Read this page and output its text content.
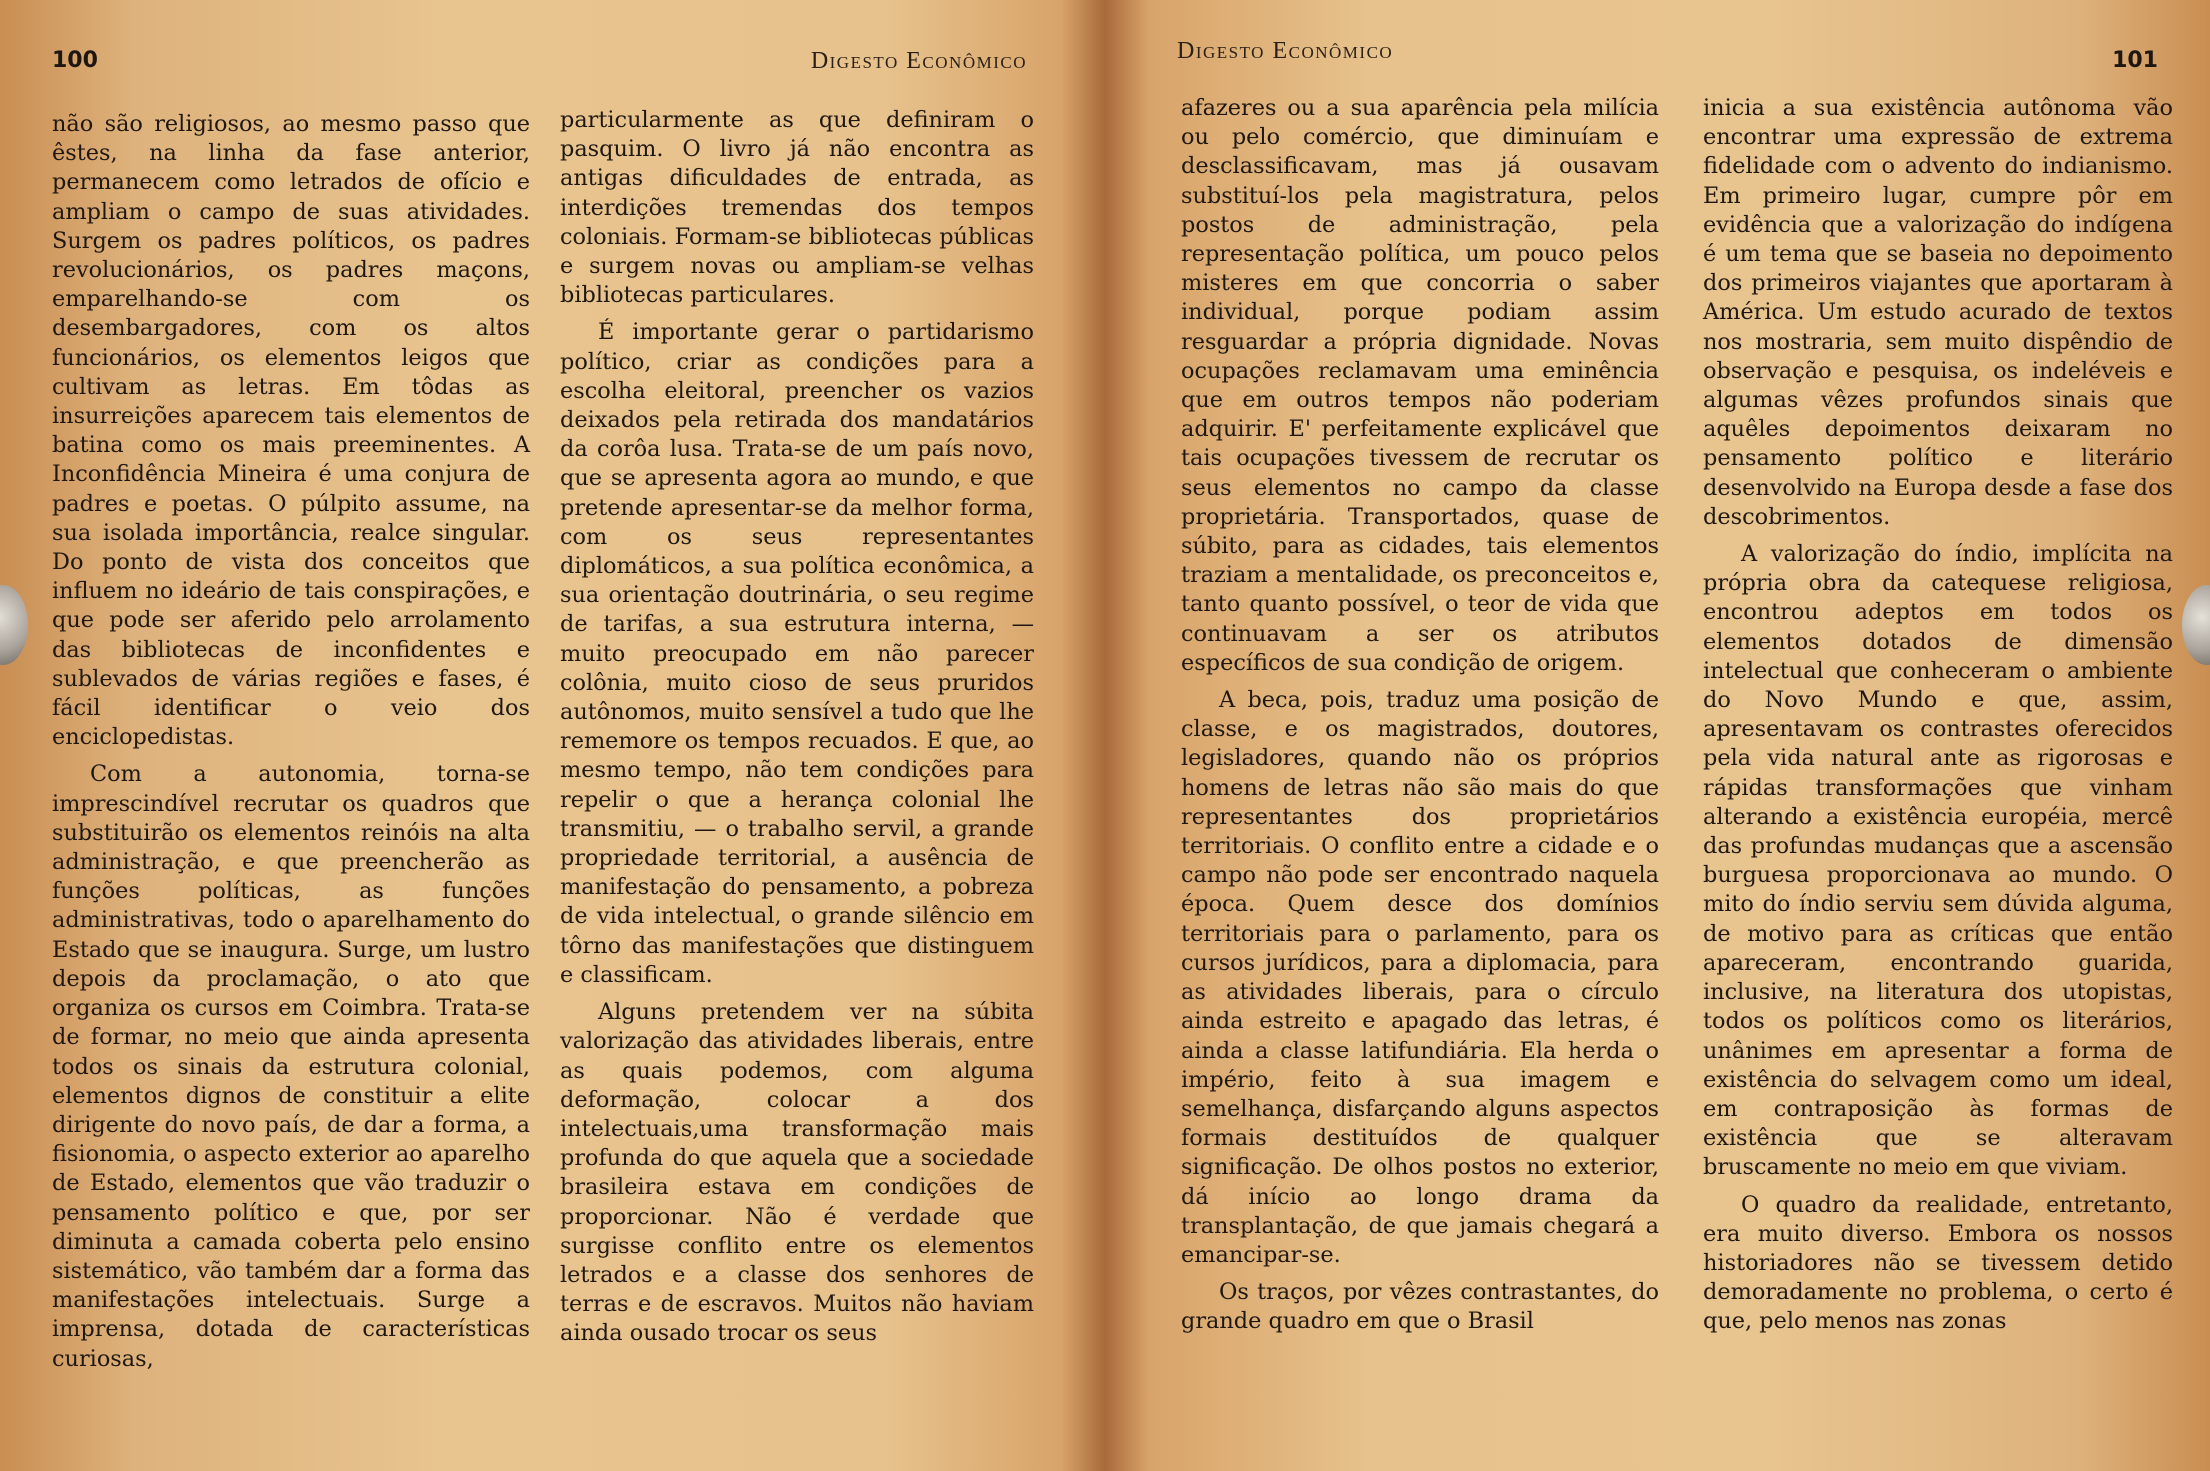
100	Digesto Econômico

não são religiosos, ao mesmo passo que êstes, na linha da fase anterior, permanecem como letrados de ofício e ampliam o campo de suas atividades. Surgem os padres políticos, os padres revolucionários, os padres maçons, emparelhando-se com os desembargadores, com os altos funcionários, os elementos leigos que cultivam as letras. Em tôdas as insurreições aparecem tais elementos de batina como os mais preeminentes. A Inconfidência Mineira é uma conjura de padres e poetas. O púlpito assume, na sua isolada importância, realce singular. Do ponto de vista dos conceitos que influem no ideário de tais conspirações, e que pode ser aferido pelo arrolamento das bibliotecas de inconfidentes e sublevados de várias regiões e fases, é fácil identificar o veio dos enciclopedistas.

Com a autonomia, torna-se imprescindível recrutar os quadros que substituirão os elementos reinóis na alta administração, e que preencherão as funções políticas, as funções administrativas, todo o aparelhamento do Estado que se inaugura. Surge, um lustro depois da proclamação, o ato que organiza os cursos em Coimbra. Trata-se de formar, no meio que ainda apresenta todos os sinais da estrutura colonial, elementos dignos de constituir a elite dirigente do novo país, de dar a forma, a fisionomia, o aspecto exterior ao aparelho de Estado, elementos que vão traduzir o pensamento político e que, por ser diminuta a camada coberta pelo ensino sistemático, vão também dar a forma das manifestações intelectuais. Surge a imprensa, dotada de características curiosas,

particularmente as que definiram o pasquim. O livro já não encontra as antigas dificuldades de entrada, as interdições tremendas dos tempos coloniais. Formam-se bibliotecas públicas e surgem novas ou ampliam-se velhas bibliotecas particulares.

É importante gerar o partidarismo político, criar as condições para a escolha eleitoral, preencher os vazios deixados pela retirada dos mandatários da corôa lusa. Trata-se de um país novo, que se apresenta agora ao mundo, e que pretende apresentar-se da melhor forma, com os seus representantes diplomáticos, a sua política econômica, a sua orientação doutrinária, o seu regime de tarifas, a sua estrutura interna, — muito preocupado em não parecer colônia, muito cioso de seus pruridos autônomos, muito sensível a tudo que lhe rememore os tempos recuados. E que, ao mesmo tempo, não tem condições para repelir o que a herança colonial lhe transmitiu, — o trabalho servil, a grande propriedade territorial, a ausência de manifestação do pensamento, a pobreza de vida intelectual, o grande silêncio em tôrno das manifestações que distinguem e classificam.

Alguns pretendem ver na súbita valorização das atividades liberais, entre as quais podemos, com alguma deformação, colocar a dos intelectuais,uma transformação mais profunda do que aquela que a sociedade brasileira estava em condições de proporcionar. Não é verdade que surgisse conflito entre os elementos letrados e a classe dos senhores de terras e de escravos. Muitos não haviam ainda ousado trocar os seus

Digesto Econômico	101

afazeres ou a sua aparência pela milícia ou pelo comércio, que diminuíam e desclassificavam, mas já ousavam substituí-los pela magistratura, pelos postos de administração, pela representação política, um pouco pelos misteres em que concorria o saber individual, porque podiam assim resguardar a própria dignidade. Novas ocupações reclamavam uma eminência que em outros tempos não poderiam adquirir. E' perfeitamente explicável que tais ocupações tivessem de recrutar os seus elementos no campo da classe proprietária. Transportados, quase de súbito, para as cidades, tais elementos traziam a mentalidade, os preconceitos e, tanto quanto possível, o teor de vida que continuavam a ser os atributos específicos de sua condição de origem.

A beca, pois, traduz uma posição de classe, e os magistrados, doutores, legisladores, quando não os próprios homens de letras não são mais do que representantes dos proprietários territoriais. O conflito entre a cidade e o campo não pode ser encontrado naquela época. Quem desce dos domínios territoriais para o parlamento, para os cursos jurídicos, para a diplomacia, para as atividades liberais, para o círculo ainda estreito e apagado das letras, é ainda a classe latifundiária. Ela herda o império, feito à sua imagem e semelhança, disfarçando alguns aspectos formais destituídos de qualquer significação. De olhos postos no exterior, dá início ao longo drama da transplantação, de que jamais chegará a emancipar-se.

Os traços, por vêzes contrastantes, do grande quadro em que o Brasil

inicia a sua existência autônoma vão encontrar uma expressão de extrema fidelidade com o advento do indianismo. Em primeiro lugar, cumpre pôr em evidência que a valorização do indígena é um tema que se baseia no depoimento dos primeiros viajantes que aportaram à América. Um estudo acurado de textos nos mostraria, sem muito dispêndio de observação e pesquisa, os indeléveis e algumas vêzes profundos sinais que aquêles depoimentos deixaram no pensamento político e literário desenvolvido na Europa desde a fase dos descobrimentos.

A valorização do índio, implícita na própria obra da catequese religiosa, encontrou adeptos em todos os elementos dotados de dimensão intelectual que conheceram o ambiente do Novo Mundo e que, assim, apresentavam os contrastes oferecidos pela vida natural ante as rigorosas e rápidas transformações que vinham alterando a existência européia, mercê das profundas mudanças que a ascensão burguesa proporcionava ao mundo. O mito do índio serviu sem dúvida alguma, de motivo para as críticas que então apareceram, encontrando guarida, inclusive, na literatura dos utopistas, todos os políticos como os literários, unânimes em apresentar a forma de existência do selvagem como um ideal, em contraposição às formas de existência que se alteravam bruscamente no meio em que viviam.

O quadro da realidade, entretanto, era muito diverso. Embora os nossos historiadores não se tivessem detido demoradamente no problema, o certo é que, pelo menos nas zonas
